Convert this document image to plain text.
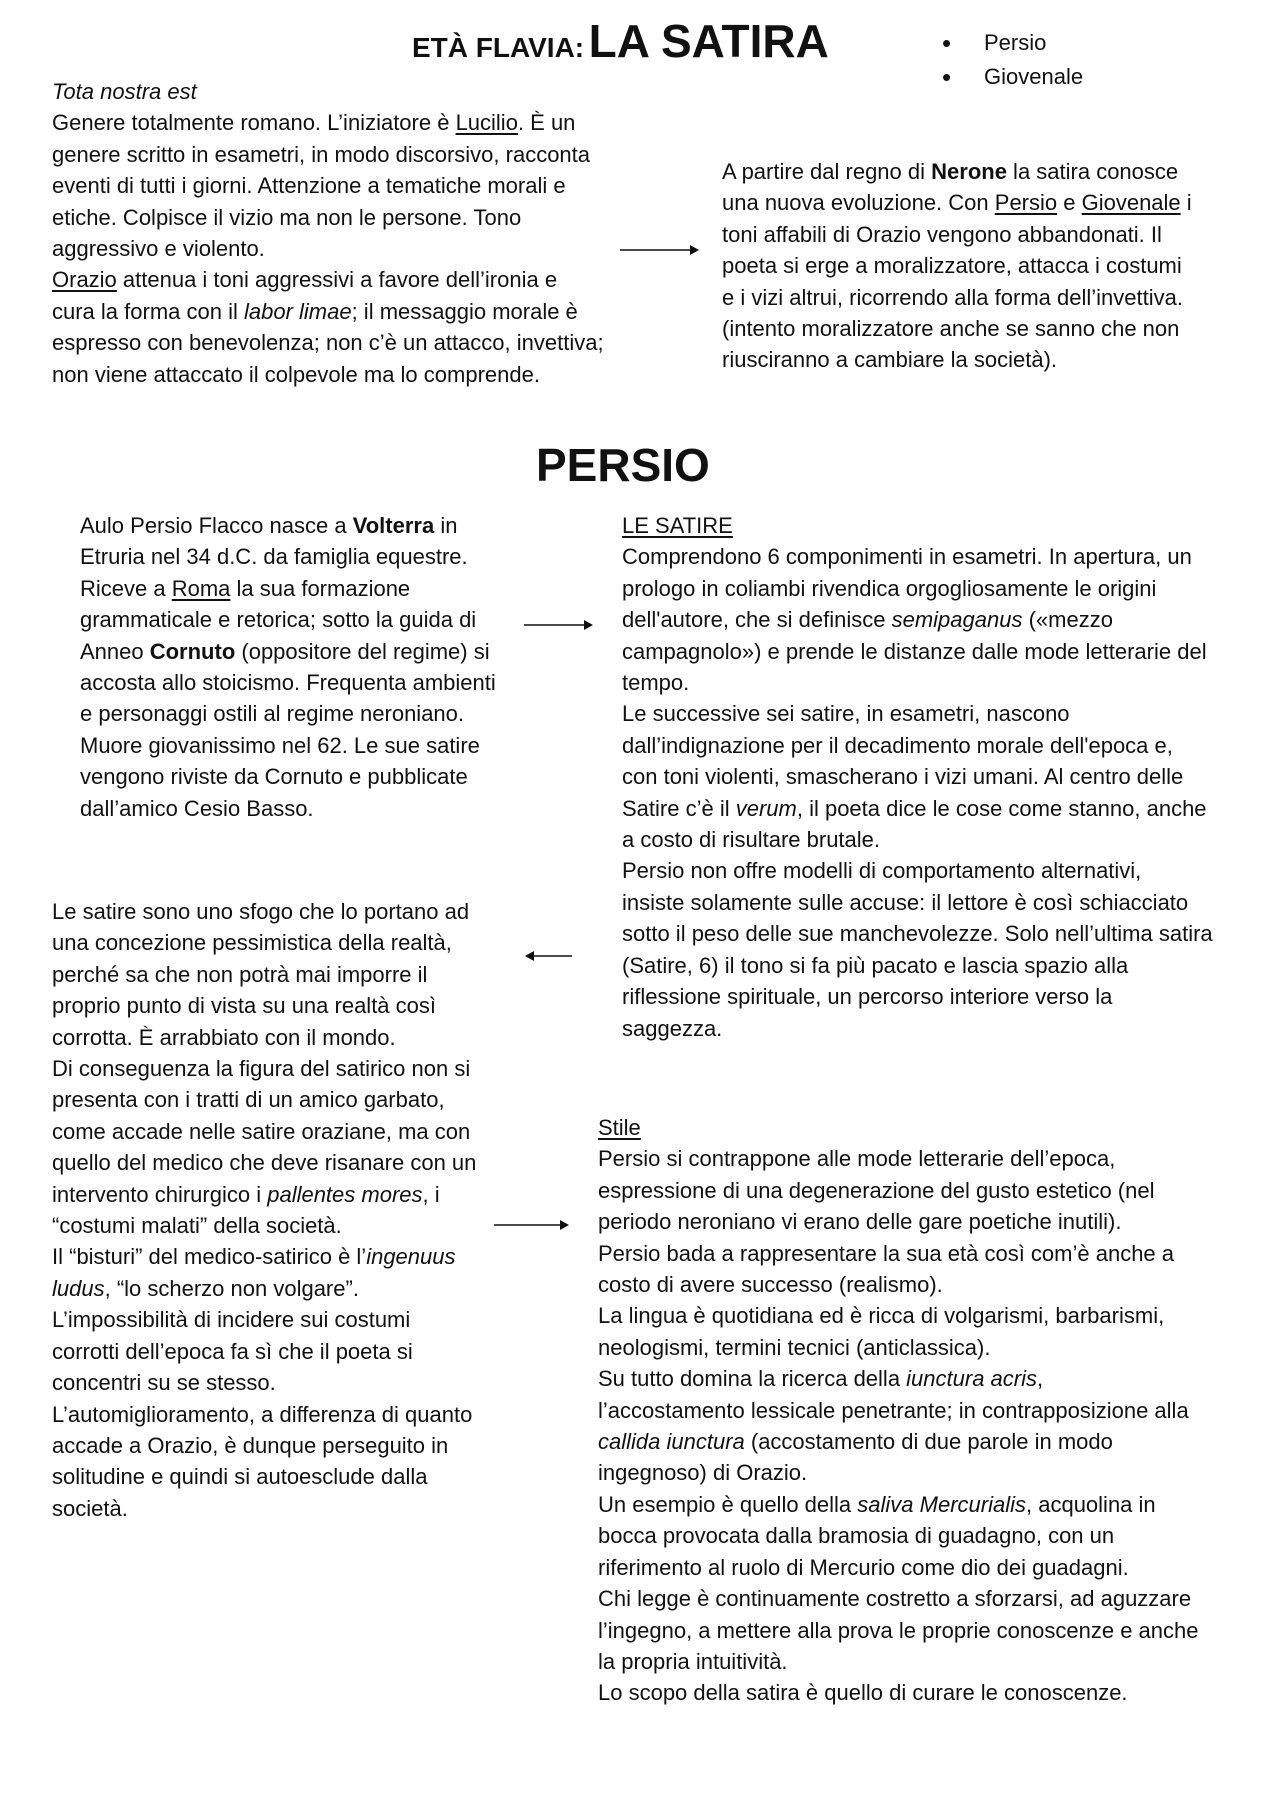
ETÀ FLAVIA: LA SATIRA
•	Persio
• Giovenale
Tota nostra est
Genere totalmente romano. L’iniziatore è Lucilio. È un
genere scritto in esametri, in modo discorsivo, racconta
eventi di tutti i giorni. Attenzione a tematiche morali e
etiche. Colpisce il vizio ma non le persone. Tono
aggressivo e violento.
Orazio attenua i toni aggressivi a favore dell’ironia e
cura la forma con il labor limae; il messaggio morale è
espresso con benevolenza; non c’è un attacco, invettiva;
non viene attaccato il colpevole ma lo comprende.
A partire dal regno di Nerone la satira conosce
una nuova evoluzione. Con Persio e Giovenale i
toni affabili di Orazio vengono abbandonati. Il
poeta si erge a moralizzatore, attacca i costumi
e i vizi altrui, ricorrendo alla forma dell’invettiva.
(intento moralizzatore anche se sanno che non
riusciranno a cambiare la società).
PERSIO
Aulo Persio Flacco nasce a Volterra in
Etruria nel 34 d.C. da famiglia equestre.
Riceve a Roma la sua formazione
grammaticale e retorica; sotto la guida di
Anneo Cornuto (oppositore del regime) si
accosta allo stoicismo. Frequenta ambienti
e personaggi ostili al regime neroniano.
Muore giovanissimo nel 62. Le sue satire
vengono riviste da Cornuto e pubblicate
dall’amico Cesio Basso.
LE SATIRE
Comprendono 6 componimenti in esametri. In apertura, un
prologo in coliambi rivendica orgogliosamente le origini
dell'autore, che si definisce semipaganus («mezzo
campagnolo») e prende le distanze dalle mode letterarie del
tempo.
Le successive sei satire, in esametri, nascono
dall’indignazione per il decadimento morale dell'epoca e,
con toni violenti, smascherano i vizi umani. Al centro delle
Satire c’è il verum, il poeta dice le cose come stanno, anche
a costo di risultare brutale.
Persio non offre modelli di comportamento alternativi,
insiste solamente sulle accuse: il lettore è così schiacciato
sotto il peso delle sue manchevolezze. Solo nell’ultima satira
(Satire, 6) il tono si fa più pacato e lascia spazio alla
riflessione spirituale, un percorso interiore verso la
saggezza.
Le satire sono uno sfogo che lo portano ad
una concezione pessimistica della realtà,
perché sa che non potrà mai imporre il
proprio punto di vista su una realtà così
corrotta. È arrabbiato con il mondo.
Di conseguenza la figura del satirico non si
presenta con i tratti di un amico garbato,
come accade nelle satire oraziane, ma con
quello del medico che deve risanare con un
intervento chirurgico i pallentes mores, i
“costumi malati” della società.
Il “bisturi” del medico-satirico è l’ingenuus
ludus, “lo scherzo non volgare”.
L’impossibilità di incidere sui costumi
corrotti dell’epoca fa sì che il poeta si
concentri su se stesso.
L’automiglioramento, a differenza di quanto
accade a Orazio, è dunque perseguito in
solitudine e quindi si autoesclude dalla
società.
Stile
Persio si contrappone alle mode letterarie dell’epoca,
espressione di una degenerazione del gusto estetico (nel
periodo neroniano vi erano delle gare poetiche inutili).
Persio bada a rappresentare la sua età così com’è anche a
costo di avere successo (realismo).
La lingua è quotidiana ed è ricca di volgarismi, barbarismi,
neologismi, termini tecnici (anticlassica).
Su tutto domina la ricerca della iunctura acris,
l’accostamento lessicale penetrante; in contrapposizione alla
callida iunctura (accostamento di due parole in modo
ingegnoso) di Orazio.
Un esempio è quello della saliva Mercurialis, acquolina in
bocca provocata dalla bramosia di guadagno, con un
riferimento al ruolo di Mercurio come dio dei guadagni.
Chi legge è continuamente costretto a sforzarsi, ad aguzzare
l’ingegno, a mettere alla prova le proprie conoscenze e anche
la propria intuitività.
Lo scopo della satira è quello di curare le conoscenze.
